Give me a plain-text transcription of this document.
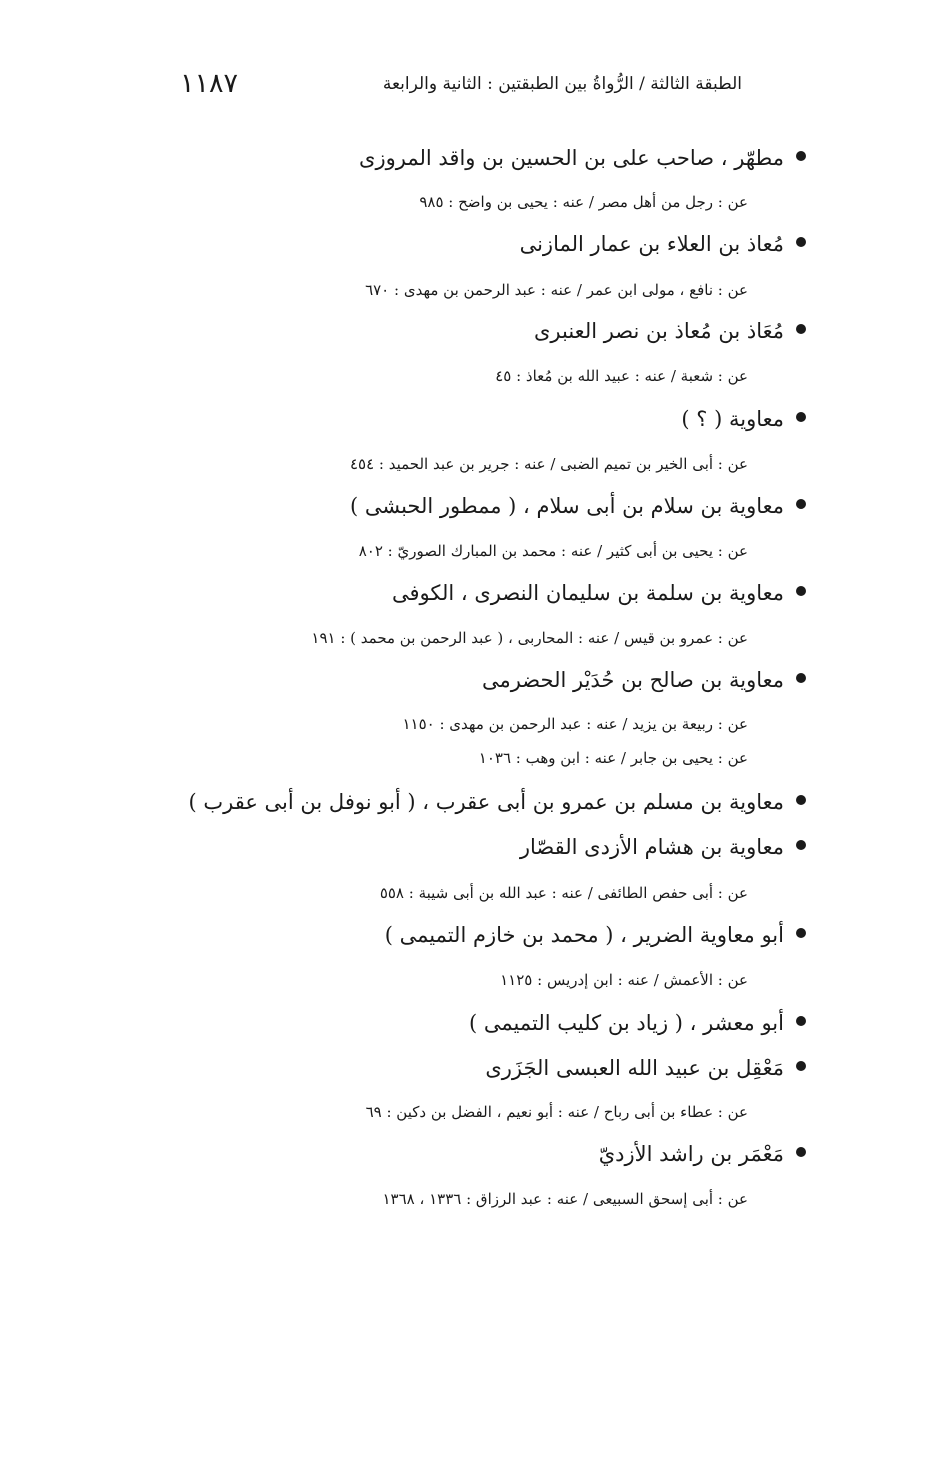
١١٨٧	الطبقة الثالثة / الرُّواةُ بين الطبقتين : الثانية والرابعة
مطهّر ، صاحب على بن الحسين بن واقد المروزى
عن : رجل من أهل مصر / عنه : يحيى بن واضح : ٩٨٥
مُعاذ بن العلاء بن عمار المازنى
عن : نافع ، مولى ابن عمر / عنه : عبد الرحمن بن مهدى : ٦٧٠
مُعَاذ بن مُعاذ بن نصر العنبرى
عن : شعبة / عنه : عبيد الله بن مُعاذ : ٤٥
معاوية ( ؟ )
عن : أبى الخير بن تميم الضبى / عنه : جرير بن عبد الحميد : ٤٥٤
معاوية بن سلام بن أبى سلام ، ( ممطور الحبشى )
عن : يحيى بن أبى كثير / عنه : محمد بن المبارك الصوريّ : ٨٠٢
معاوية بن سلمة بن سليمان النصرى ، الكوفى
عن : عمرو بن قيس / عنه : المحاربى ، ( عبد الرحمن بن محمد ) : ١٩١
معاوية بن صالح بن حُدَيْر الحضرمى
عن : ربيعة بن يزيد / عنه : عبد الرحمن بن مهدى : ١١٥٠
عن : يحيى بن جابر / عنه : ابن وهب : ١٠٣٦
معاوية بن مسلم بن عمرو بن أبى عقرب ، ( أبو نوفل بن أبى عقرب )
معاوية بن هشام الأزدى القصّار
عن : أبى حفص الطائفى / عنه : عبد الله بن أبى شيبة : ٥٥٨
أبو معاوية الضرير ، ( محمد بن خازم التميمى )
عن : الأعمش / عنه : ابن إدريس : ١١٢٥
أبو معشر ، ( زياد بن كليب التميمى )
مَعْقِل بن عبيد الله العبسى الجَزَرى
عن : عطاء بن أبى رباح / عنه : أبو نعيم ، الفضل بن دكين : ٦٩
مَعْمَر بن راشد الأزديّ
عن : أبى إسحق السبيعى / عنه : عبد الرزاق : ١٣٣٦ ، ١٣٦٨
